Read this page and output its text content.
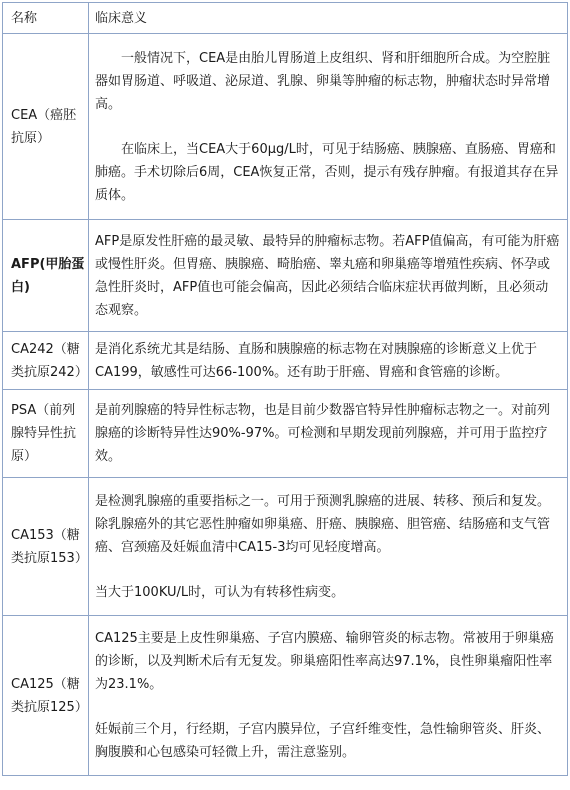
名称	临床意义
CEA（癌胚抗原）	一般情况下，CEA是由胎儿胃肠道上皮组织、肾和肝细胞所合成。为空腔脏器如胃肠道、呼吸道、泌尿道、乳腺、卵巢等肿瘤的标志物，肿瘤状态时异常增高。

在临床上，当CEA大于60μg/L时，可见于结肠癌、胰腺癌、直肠癌、胃癌和肺癌。手术切除后6周，CEA恢复正常，否则，提示有残存肿瘤。有报道其存在异质体。

AFP(甲胎蛋白)	AFP是原发性肝癌的最灵敏、最特异的肿瘤标志物。若AFP值偏高，有可能为肝癌或慢性肝炎。但胃癌、胰腺癌、畸胎癌、睾丸癌和卵巢癌等增殖性疾病、怀孕或急性肝炎时，AFP值也可能会偏高，因此必须结合临床症状再做判断，且必须动态观察。

CA242（糖类抗原242）	是消化系统尤其是结肠、直肠和胰腺癌的标志物在对胰腺癌的诊断意义上优于CA199，敏感性可达66-100%。还有助于肝癌、胃癌和食管癌的诊断。

PSA（前列腺特异性抗原）	是前列腺癌的特异性标志物，也是目前少数器官特异性肿瘤标志物之一。对前列腺癌的诊断特异性达90%-97%。可检测和早期发现前列腺癌，并可用于监控疗效。

CA153（糖类抗原153）	是检测乳腺癌的重要指标之一。可用于预测乳腺癌的进展、转移、预后和复发。除乳腺癌外的其它恶性肿瘤如卵巢癌、肝癌、胰腺癌、胆管癌、结肠癌和支气管癌、宫颈癌及妊娠血清中CA15-3均可见轻度增高。

当大于100KU/L时，可认为有转移性病变。

CA125（糖类抗原125）	CA125主要是上皮性卵巢癌、子宫内膜癌、输卵管炎的标志物。常被用于卵巢癌的诊断，以及判断术后有无复发。卵巢癌阳性率高达97.1%，良性卵巢瘤阳性率为23.1%。

妊娠前三个月，行经期，子宫内膜异位，子宫纤维变性，急性输卵管炎、肝炎、胸腹膜和心包感染可轻微上升，需注意鉴别。
